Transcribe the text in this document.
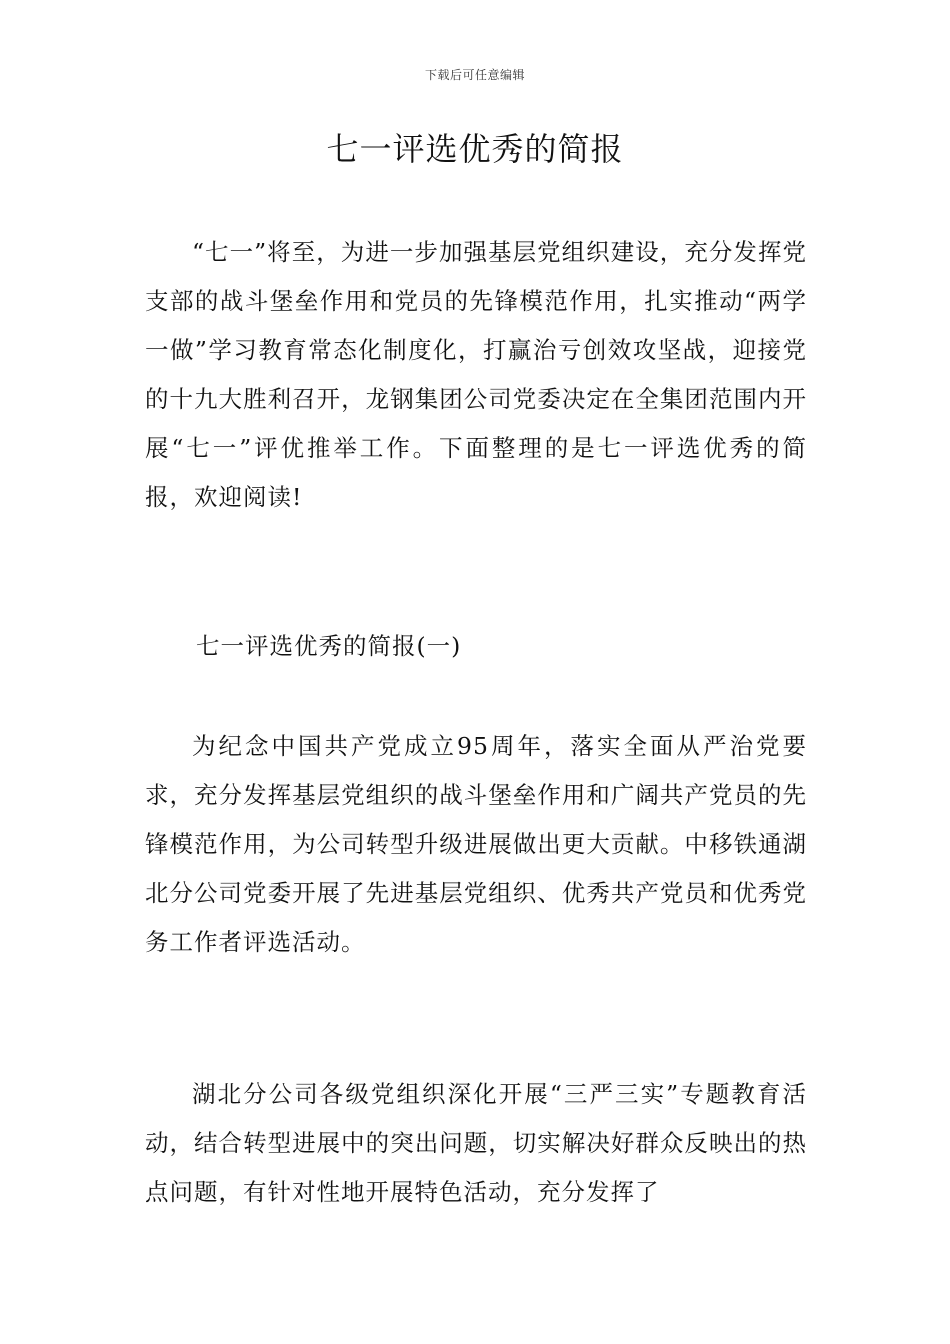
下载后可任意编辑
七一评选优秀的简报

“七一”将至，为进一步加强基层党组织建设，充分发挥党支部的战斗堡垒作用和党员的先锋模范作用，扎实推动“两学一做”学习教育常态化制度化，打赢治亏创效攻坚战，迎接党的十九大胜利召开，龙钢集团公司党委决定在全集团范围内开展“七一”评优推举工作。下面整理的是七一评选优秀的简报，欢迎阅读!

七一评选优秀的简报(一)

为纪念中国共产党成立95周年，落实全面从严治党要求，充分发挥基层党组织的战斗堡垒作用和广阔共产党员的先锋模范作用，为公司转型升级进展做出更大贡献。中移铁通湖北分公司党委开展了先进基层党组织、优秀共产党员和优秀党务工作者评选活动。

湖北分公司各级党组织深化开展“三严三实”专题教育活动，结合转型进展中的突出问题，切实解决好群众反映出的热点问题，有针对性地开展特色活动，充分发挥了
